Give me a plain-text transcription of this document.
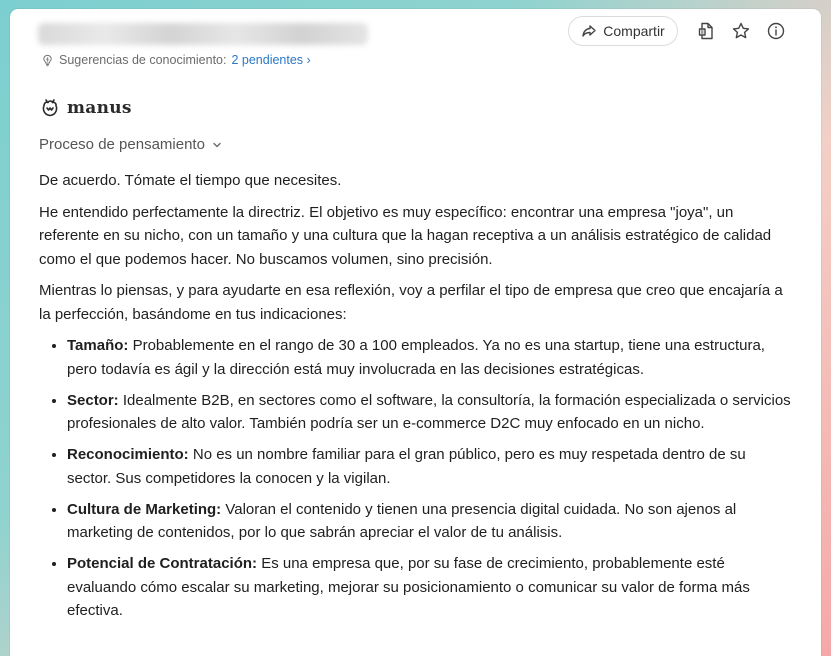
Compartir
Sugerencias de conocimiento: 2 pendientes ›
manus
Proceso de pensamiento

De acuerdo. Tómate el tiempo que necesites.

He entendido perfectamente la directriz. El objetivo es muy específico: encontrar una empresa "joya", un referente en su nicho, con un tamaño y una cultura que la hagan receptiva a un análisis estratégico de calidad como el que podemos hacer. No buscamos volumen, sino precisión.

Mientras lo piensas, y para ayudarte en esa reflexión, voy a perfilar el tipo de empresa que creo que encajaría a la perfección, basándome en tus indicaciones:

• Tamaño: Probablemente en el rango de 30 a 100 empleados. Ya no es una startup, tiene una estructura, pero todavía es ágil y la dirección está muy involucrada en las decisiones estratégicas.
• Sector: Idealmente B2B, en sectores como el software, la consultoría, la formación especializada o servicios profesionales de alto valor. También podría ser un e-commerce D2C muy enfocado en un nicho.
• Reconocimiento: No es un nombre familiar para el gran público, pero es muy respetada dentro de su sector. Sus competidores la conocen y la vigilan.
• Cultura de Marketing: Valoran el contenido y tienen una presencia digital cuidada. No son ajenos al marketing de contenidos, por lo que sabrán apreciar el valor de tu análisis.
• Potencial de Contratación: Es una empresa que, por su fase de crecimiento, probablemente esté evaluando cómo escalar su marketing, mejorar su posicionamiento o comunicar su valor de forma más efectiva.
